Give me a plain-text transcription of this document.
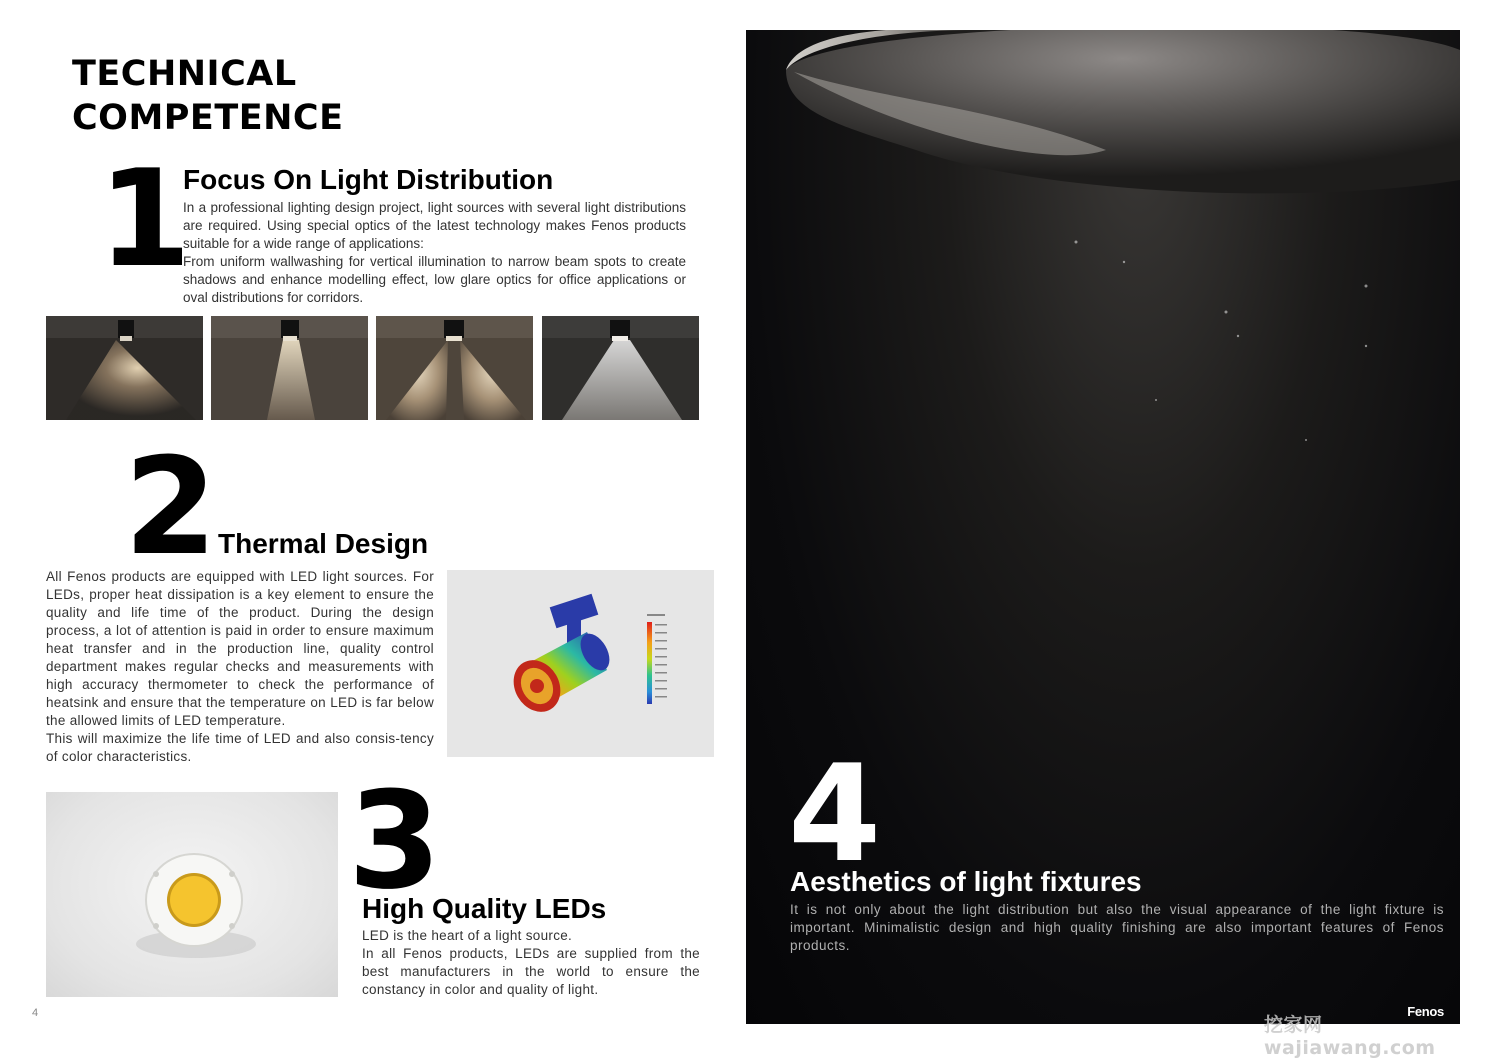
TECHNICAL
COMPETENCE
1
Focus On Light Distribution

In a professional lighting design project, light sources with several light distributions are required. Using special optics of the latest technology makes Fenos products suitable for a wide range of applications:

From uniform wallwashing for vertical illumination to narrow beam spots to create shadows and enhance modelling effect, low glare optics for office applications or oval distributions for corridors.

2 Thermal Design

All Fenos products are equipped with LED light sources. For LEDs, proper heat dissipation is a key element to ensure the quality and life time of the product. During the design process, a lot of attention is paid in order to ensure maximum heat transfer and in the production line, quality control department makes regular checks and measurements with high accuracy thermometer to check the performance of heatsink and ensure that the temperature on LED is far below the allowed limits of LED temperature.

This will maximize the life time of LED and also consis-tency of color characteristics.

3
High Quality LEDs

LED is the heart of a light source.

In all Fenos products, LEDs are supplied from the best manufacturers in the world to ensure the constancy in color and quality of light.

4
Aesthetics of light fixtures

It is not only about the light distribution but also the visual appearance of the light fixture is important. Minimalistic design and high quality finishing are also important features of Fenos products.

Fenos
4
挖家网 wajiawang.com
